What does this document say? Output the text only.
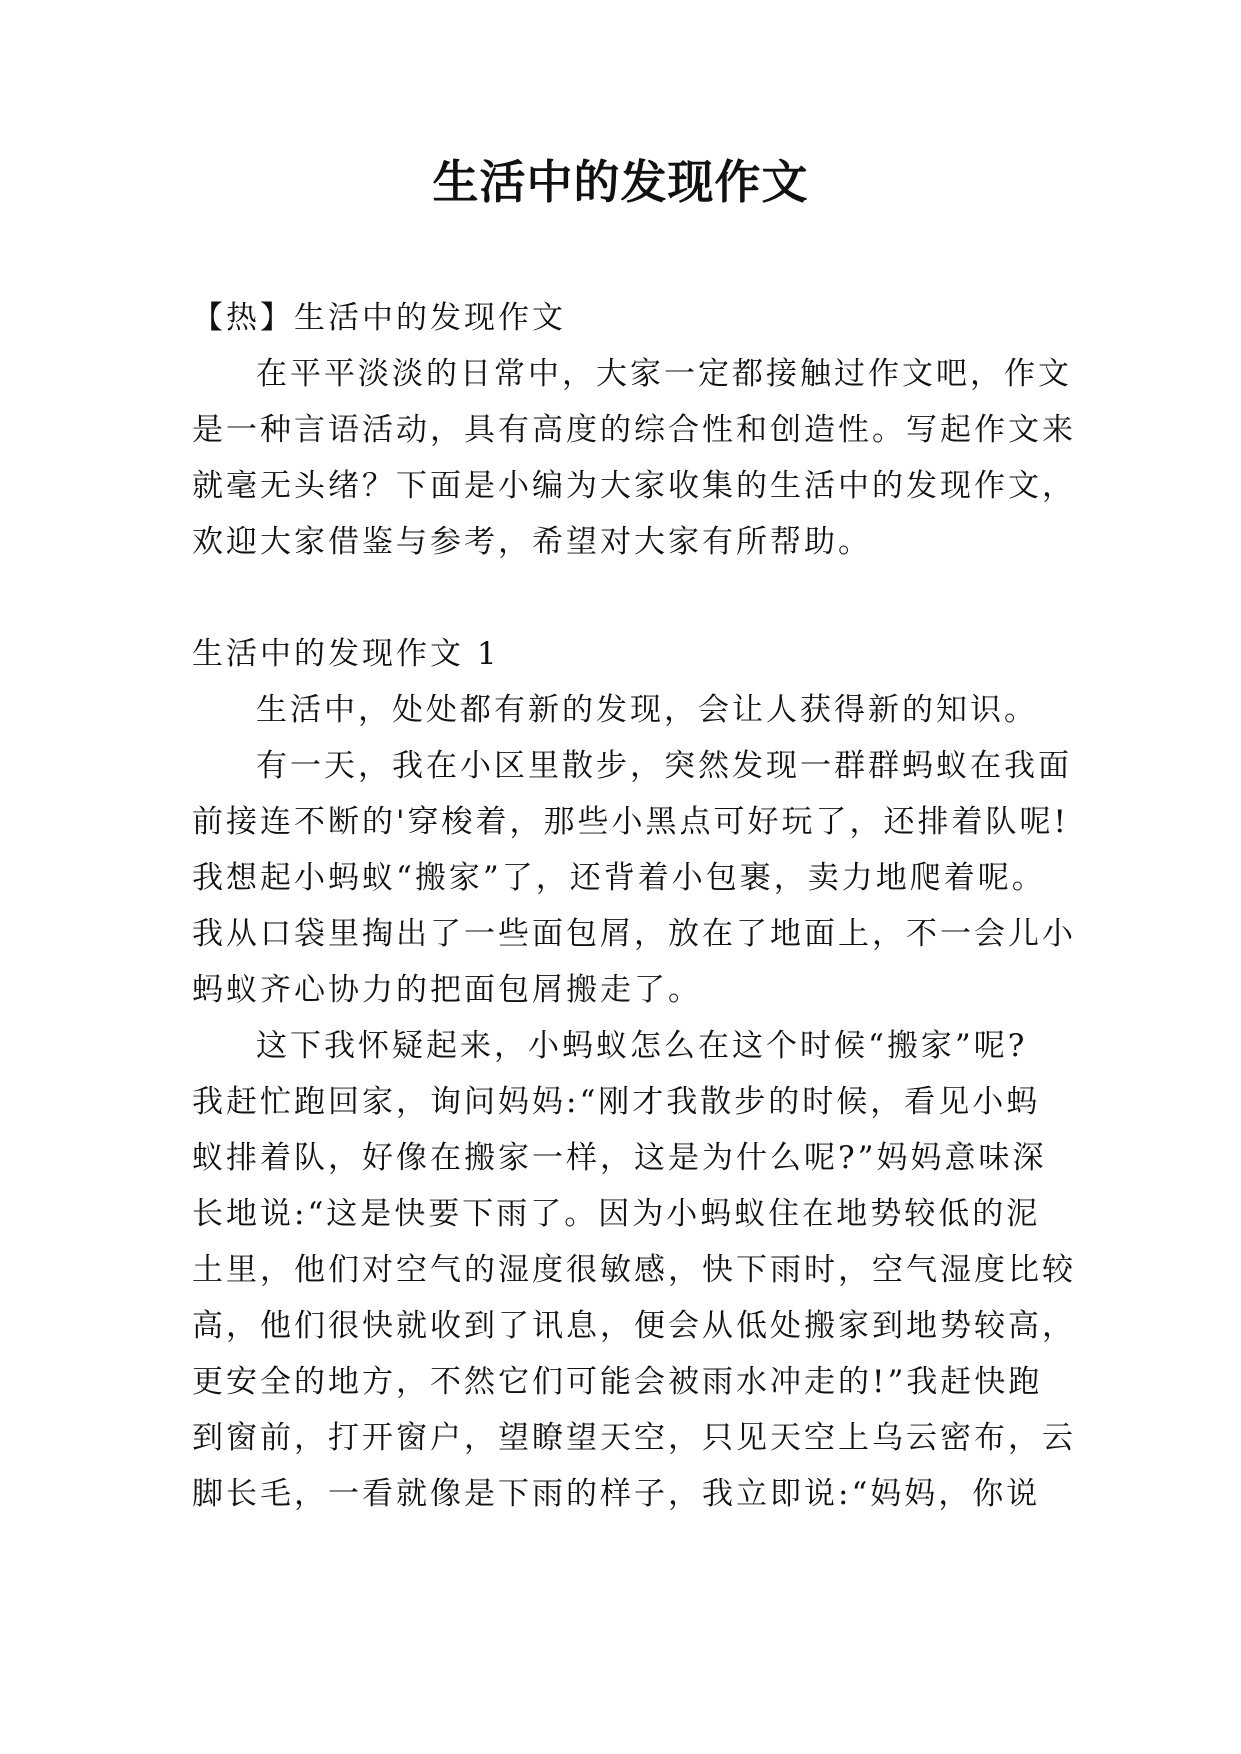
生活中的发现作文

【热】生活中的发现作文

在平平淡淡的日常中，大家一定都接触过作文吧，作文

是一种言语活动，具有高度的综合性和创造性。写起作文来

就毫无头绪？下面是小编为大家收集的生活中的发现作文，

欢迎大家借鉴与参考，希望对大家有所帮助。

生活中的发现作文 1

生活中，处处都有新的发现，会让人获得新的知识。

有一天，我在小区里散步，突然发现一群群蚂蚁在我面

前接连不断的'穿梭着，那些小黑点可好玩了，还排着队呢!

我想起小蚂蚁“搬家”了，还背着小包裹，卖力地爬着呢。

我从口袋里掏出了一些面包屑，放在了地面上，不一会儿小

蚂蚁齐心协力的把面包屑搬走了。

这下我怀疑起来，小蚂蚁怎么在这个时候“搬家”呢?

我赶忙跑回家，询问妈妈:“刚才我散步的时候，看见小蚂

蚁排着队，好像在搬家一样，这是为什么呢?”妈妈意味深

长地说:“这是快要下雨了。因为小蚂蚁住在地势较低的泥

土里，他们对空气的湿度很敏感，快下雨时，空气湿度比较

高，他们很快就收到了讯息，便会从低处搬家到地势较高，

更安全的地方，不然它们可能会被雨水冲走的!”我赶快跑

到窗前，打开窗户，望瞭望天空，只见天空上乌云密布，云

脚长毛，一看就像是下雨的样子，我立即说:“妈妈，你说
